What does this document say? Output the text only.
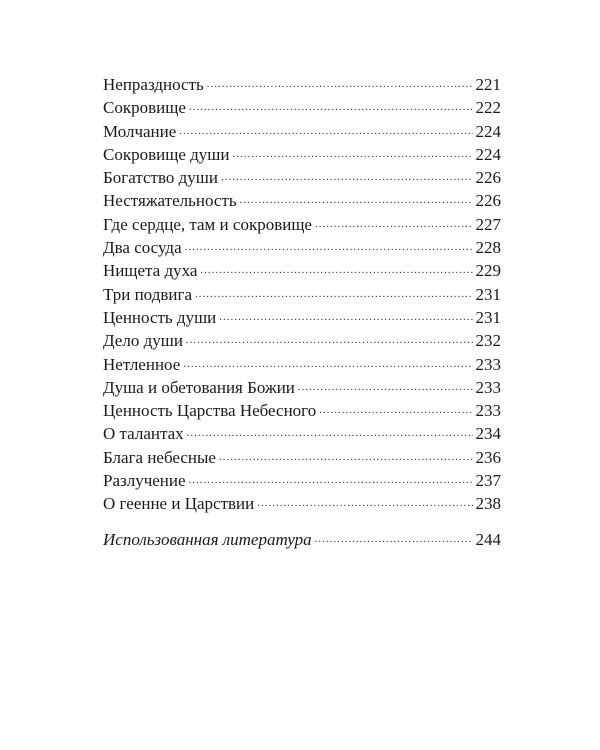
Непраздность .....	221
Сокровище .....	222
Молчание .....	224
Сокровище души .....	224
Богатство души .....	226
Нестяжательность .....	226
Где сердце, там и сокровище .....	227
Два сосуда .....	228
Нищета духа .....	229
Три подвига .....	231
Ценность души .....	231
Дело души .....	232
Нетленное .....	233
Душа и обетования Божии .....	233
Ценность Царства Небесного .....	233
О талантах .....	234
Блага небесные .....	236
Разлучение .....	237
О геенне и Царствии .....	238
Использованная литература .....	244
